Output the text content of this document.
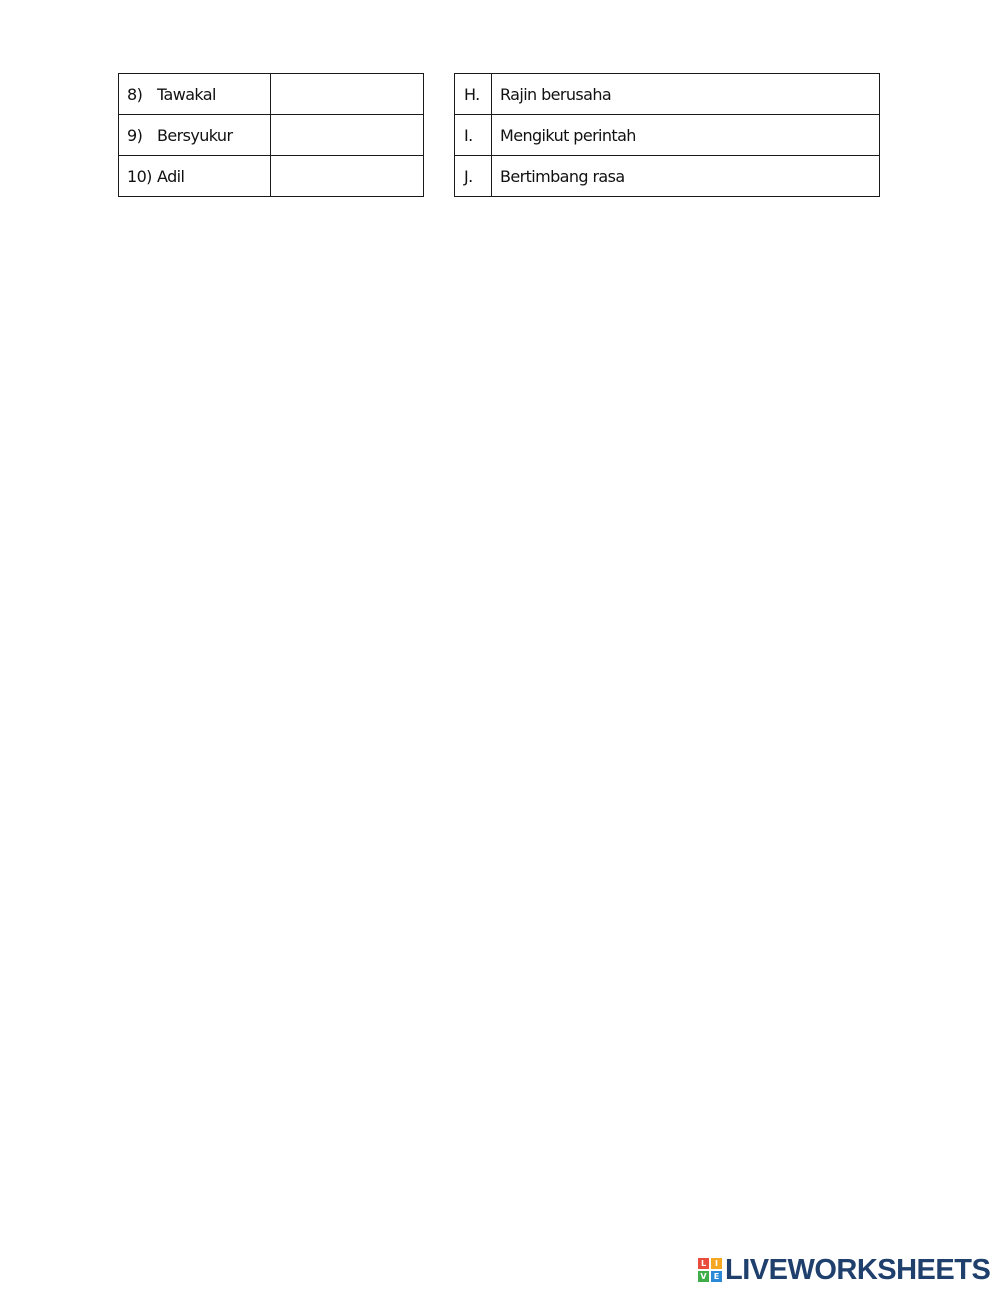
8) Tawakal	

9) Bersyukur	

10) Adil	
H.	Rajin berusaha
I.	Mengikut perintah
J.	Bertimbang rasa
L	I
V E LIVEWORKSHEETS
